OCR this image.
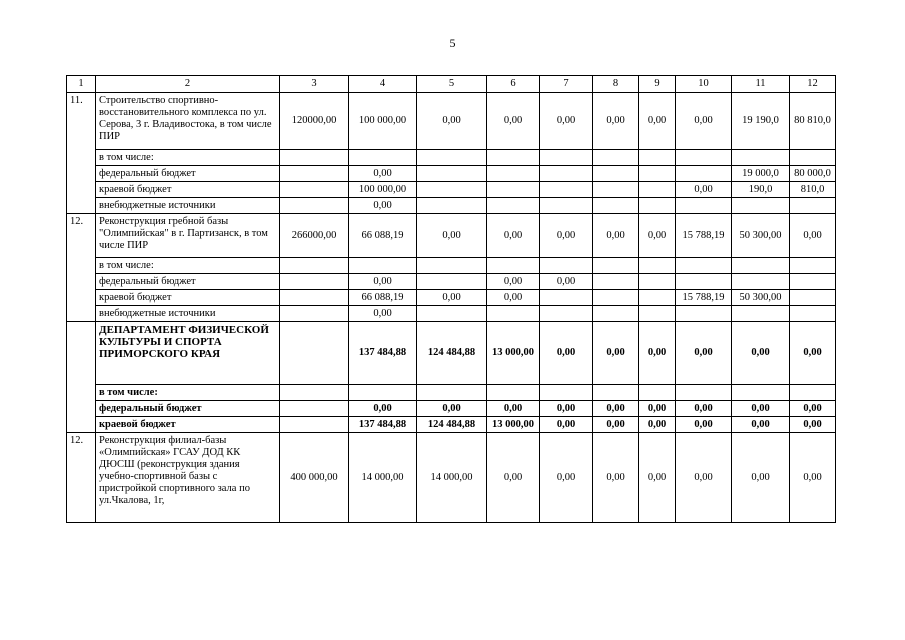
5
1	2	3	4	5	6	7	8	9	10	11	12
11.	Строительство спортивно-восстановительного комплекса по ул. Серова, 3 г. Владивостока, в том числе ПИР	120000,00	100 000,00	0,00	0,00	0,00	0,00	0,00	0,00	19 190,0	80 810,0
	в том числе:										
	федеральный бюджет		0,00							19 000,0	80 000,0
	краевой бюджет		100 000,00						0,00	190,0	810,0
	внебюджетные источники		0,00								
12.	Реконструкция гребной базы "Олимпийская" в г. Партизанск, в том числе ПИР	266000,00	66 088,19	0,00	0,00	0,00	0,00	0,00	15 788,19	50 300,00	0,00
	в том числе:										
	федеральный бюджет		0,00		0,00	0,00					
	краевой бюджет		66 088,19	0,00	0,00				15 788,19	50 300,00	
	внебюджетные источники		0,00								
	ДЕПАРТАМЕНТ ФИЗИЧЕСКОЙ КУЛЬТУРЫ И СПОРТА ПРИМОРСКОГО КРАЯ		137 484,88	124 484,88	13 000,00	0,00	0,00	0,00	0,00	0,00	0,00
	в том числе:										
	федеральный бюджет		0,00	0,00	0,00	0,00	0,00	0,00	0,00	0,00	0,00
	краевой бюджет		137 484,88	124 484,88	13 000,00	0,00	0,00	0,00	0,00	0,00	0,00
12.	Реконструкция филиал-базы «Олимпийская» ГСАУ ДОД КК ДЮСШ (реконструкция здания учебно-спортивной базы с пристройкой спортивного зала по ул.Чкалова, 1г,	400 000,00	14 000,00	14 000,00	0,00	0,00	0,00	0,00	0,00	0,00	0,00
